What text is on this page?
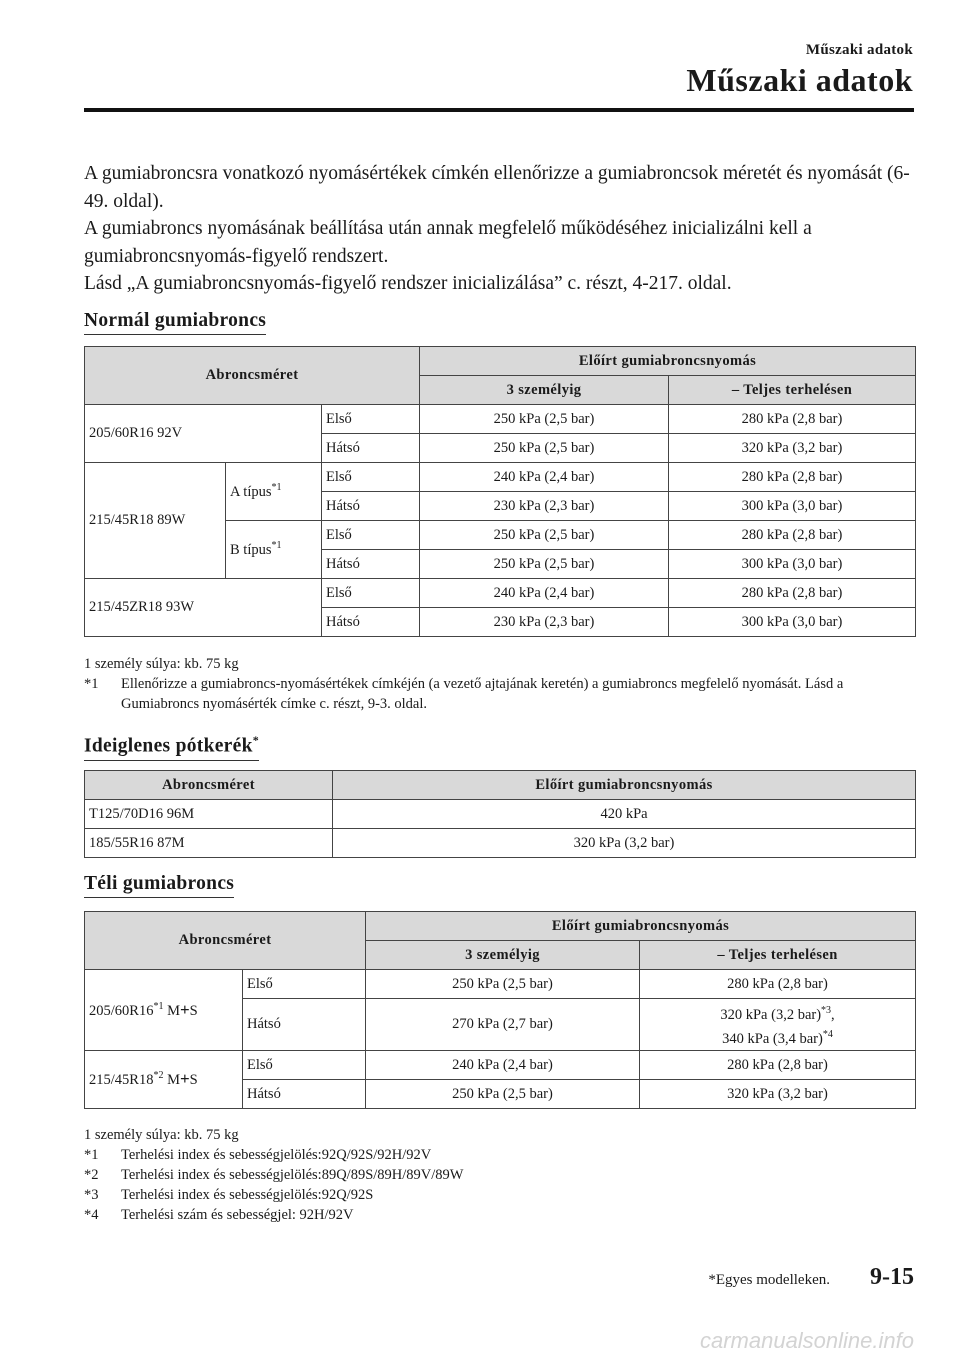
Műszaki adatok
Műszaki adatok

A gumiabroncsra vonatkozó nyomásértékek címkén ellenőrizze a gumiabroncsok méretét és nyomását (6-49. oldal).

A gumiabroncs nyomásának beállítása után annak megfelelő működéséhez inicializálni kell a gumiabroncsnyomás-figyelő rendszert.

Lásd „A gumiabroncsnyomás-figyelő rendszer inicializálása” c. részt, 4-217. oldal.

Normál gumiabroncs
Abroncsméret			Előírt gumiabroncsnyomás	
			3 személyig	– Teljes terhelésen
205/60R16 92V		Első	250 kPa (2,5 bar)	280 kPa (2,8 bar)
		Hátsó	250 kPa (2,5 bar)	320 kPa (3,2 bar)
215/45R18 89W	A típus$^{*1}$	Első	240 kPa (2,4 bar)	280 kPa (2,8 bar)
		Hátsó	230 kPa (2,3 bar)	300 kPa (3,0 bar)
	B típus$^{*1}$	Első	250 kPa (2,5 bar)	280 kPa (2,8 bar)
		Hátsó	250 kPa (2,5 bar)	300 kPa (3,0 bar)
215/45ZR18 93W		Első	240 kPa (2,4 bar)	280 kPa (2,8 bar)
		Hátsó	230 kPa (2,3 bar)	300 kPa (3,0 bar)
1 személy súlya: kb. 75 kg
*1	Ellenőrizze a gumiabroncs-nyomásértékek címkéjén (a vezető ajtajának keretén) a gumiabroncs megfelelő nyomását. Lásd a Gumiabroncs nyomásérték címke c. részt, 9-3. oldal.
Ideiglenes pótkerék*
Abroncsméret	Előírt gumiabroncsnyomás
T125/70D16 96M	420 kPa
185/55R16 87M	320 kPa (3,2 bar)
Téli gumiabroncs
Abroncsméret		Előírt gumiabroncsnyomás	
		3 személyig	– Teljes terhelésen
205/60R16$^{*1}$ M+S	Első	250 kPa (2,5 bar)	280 kPa (2,8 bar)
	Hátsó	270 kPa (2,7 bar)	320 kPa (3,2 bar)$^{*3}$,
340 kPa (3,4 bar)$^{*4}$

215/45R18$^{*2}$ M+S	Első	240 kPa (2,4 bar)	280 kPa (2,8 bar)
	Hátsó	250 kPa (2,5 bar)	320 kPa (3,2 bar)
1 személy súlya: kb. 75 kg
*1	Terhelési index és sebességjelölés:92Q/92S/92H/92V
*2	Terhelési index és sebességjelölés:89Q/89S/89H/89V/89W
*3	Terhelési index és sebességjelölés:92Q/92S
*4	Terhelési szám és sebességjel: 92H/92V
*Egyes modelleken. 9-15
carmanualsonline.info
